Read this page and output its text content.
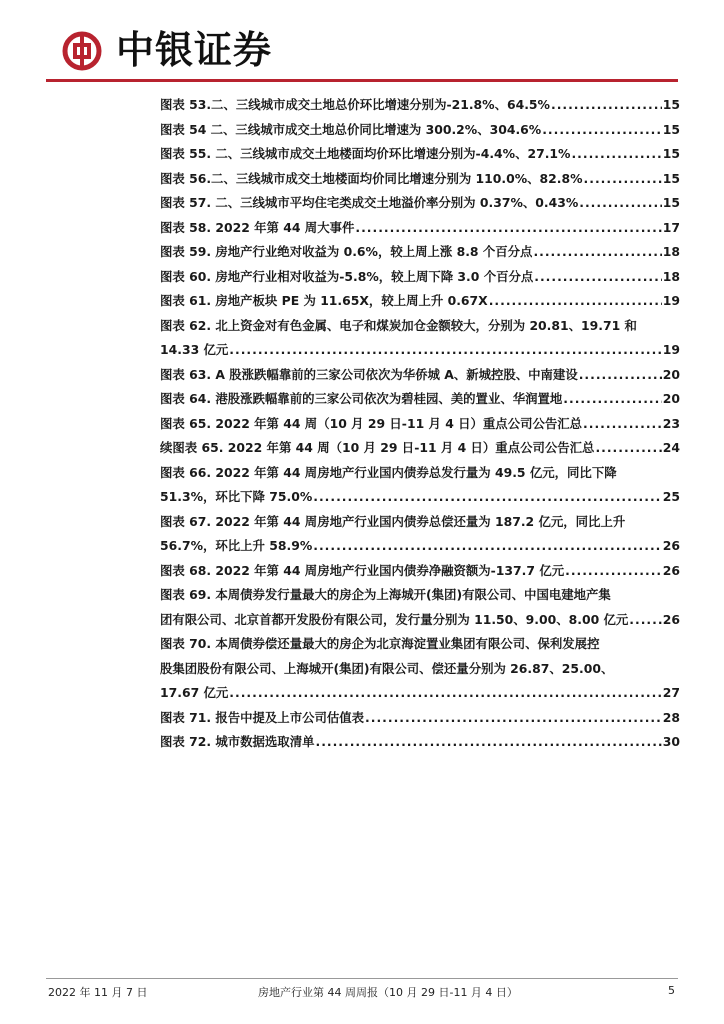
中银证券
图表 53.二、三线城市成交土地总价环比增速分别为-21.8%、64.5% .....	15
图表 54 二、三线城市成交土地总价同比增速为 300.2%、304.6% .....	15
图表 55. 二、三线城市成交土地楼面均价环比增速分别为-4.4%、27.1% .....	15
图表 56.二、三线城市成交土地楼面均价同比增速分别为 110.0%、82.8% .....	15
图表 57. 二、三线城市平均住宅类成交土地溢价率分别为 0.37%、0.43% .....	15
图表 58. 2022 年第 44 周大事件 .....	17
图表 59. 房地产行业绝对收益为 0.6%，较上周上涨 8.8 个百分点 .....	18
图表 60. 房地产行业相对收益为-5.8%，较上周下降 3.0 个百分点 .....	18
图表 61. 房地产板块 PE 为 11.65X，较上周上升 0.67X .....	19
图表 62. 北上资金对有色金属、电子和煤炭加仓金额较大，分别为 20.81、19.71 和
14.33 亿元 .....	19
图表 63. A 股涨跌幅靠前的三家公司依次为华侨城 A、新城控股、中南建设 .....	20
图表 64. 港股涨跌幅靠前的三家公司依次为碧桂园、美的置业、华润置地 .....	20
图表 65. 2022 年第 44 周（10 月 29 日-11 月 4 日）重点公司公告汇总 .....	23
续图表 65. 2022 年第 44 周（10 月 29 日-11 月 4 日）重点公司公告汇总 .....	24
图表 66. 2022 年第 44 周房地产行业国内债券总发行量为 49.5 亿元，同比下降
51.3%，环比下降 75.0% .....	25
图表 67. 2022 年第 44 周房地产行业国内债券总偿还量为 187.2 亿元，同比上升
56.7%，环比上升 58.9% .....	26
图表 68. 2022 年第 44 周房地产行业国内债券净融资额为-137.7 亿元 .....	26
图表 69. 本周债券发行量最大的房企为上海城开(集团)有限公司、中国电建地产集
团有限公司、北京首都开发股份有限公司，发行量分别为 11.50、9.00、8.00 亿元 .....	26
图表 70. 本周债券偿还量最大的房企为北京海淀置业集团有限公司、保利发展控
股集团股份有限公司、上海城开(集团)有限公司、偿还量分别为 26.87、25.00、
17.67 亿元 .....	27
图表 71. 报告中提及上市公司估值表 .....	28
图表 72. 城市数据选取清单 .....	30
2022 年 11 月 7 日	房地产行业第 44 周周报（10 月 29 日-11 月 4 日）	5
